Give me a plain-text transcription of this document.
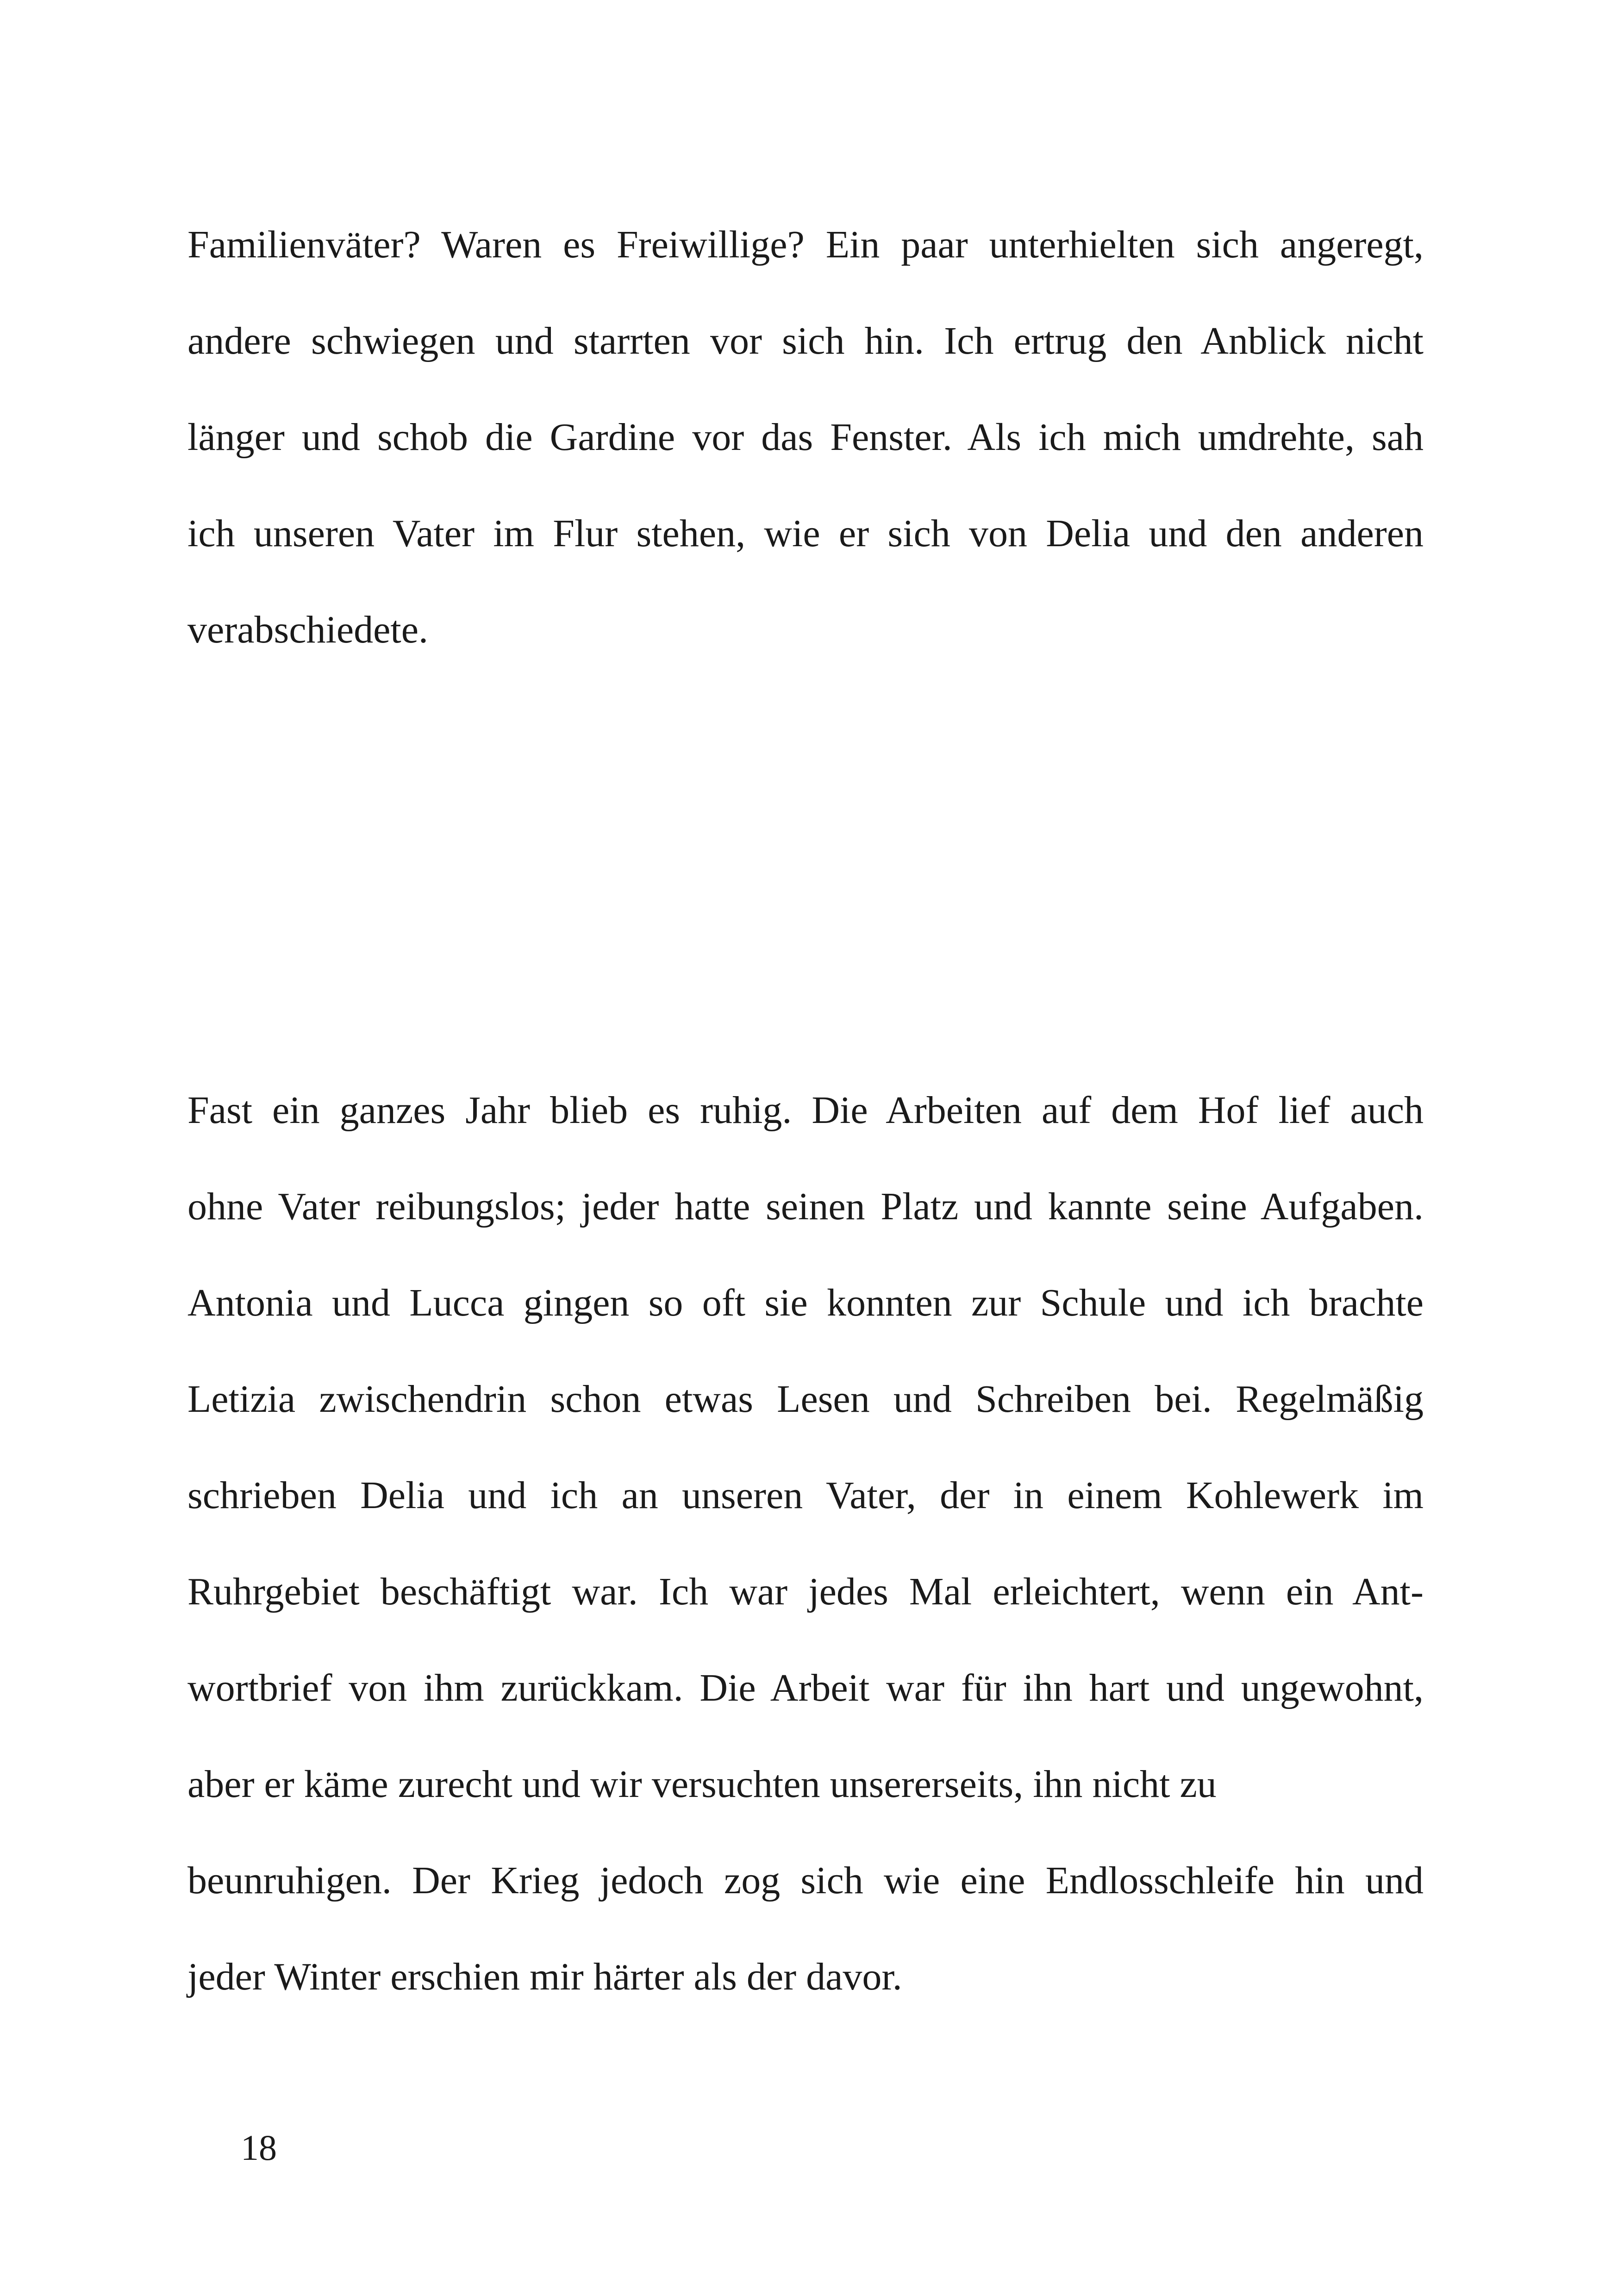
Familienväter? Waren es Freiwillige? Ein paar unterhielten sich angeregt,
andere schwiegen und starrten vor sich hin. Ich ertrug den Anblick nicht
länger und schob die Gardine vor das Fenster. Als ich mich umdrehte, sah
ich unseren Vater im Flur stehen, wie er sich von Delia und den anderen
verabschiedete.
Fast ein ganzes Jahr blieb es ruhig. Die Arbeiten auf dem Hof lief auch
ohne Vater reibungslos; jeder hatte seinen Platz und kannte seine Aufgaben.
Antonia und Lucca gingen so oft sie konnten zur Schule und ich brachte
Letizia zwischendrin schon etwas Lesen und Schreiben bei. Regelmäßig
schrieben Delia und ich an unseren Vater, der in einem Kohlewerk im
Ruhrgebiet beschäftigt war. Ich war jedes Mal erleichtert, wenn ein Ant-
wortbrief von ihm zurückkam. Die Arbeit war für ihn hart und ungewohnt,
aber er käme zurecht und wir versuchten unsererseits, ihn nicht zu
beunruhigen. Der Krieg jedoch zog sich wie eine Endlosschleife hin und
jeder Winter erschien mir härter als der davor.
18
